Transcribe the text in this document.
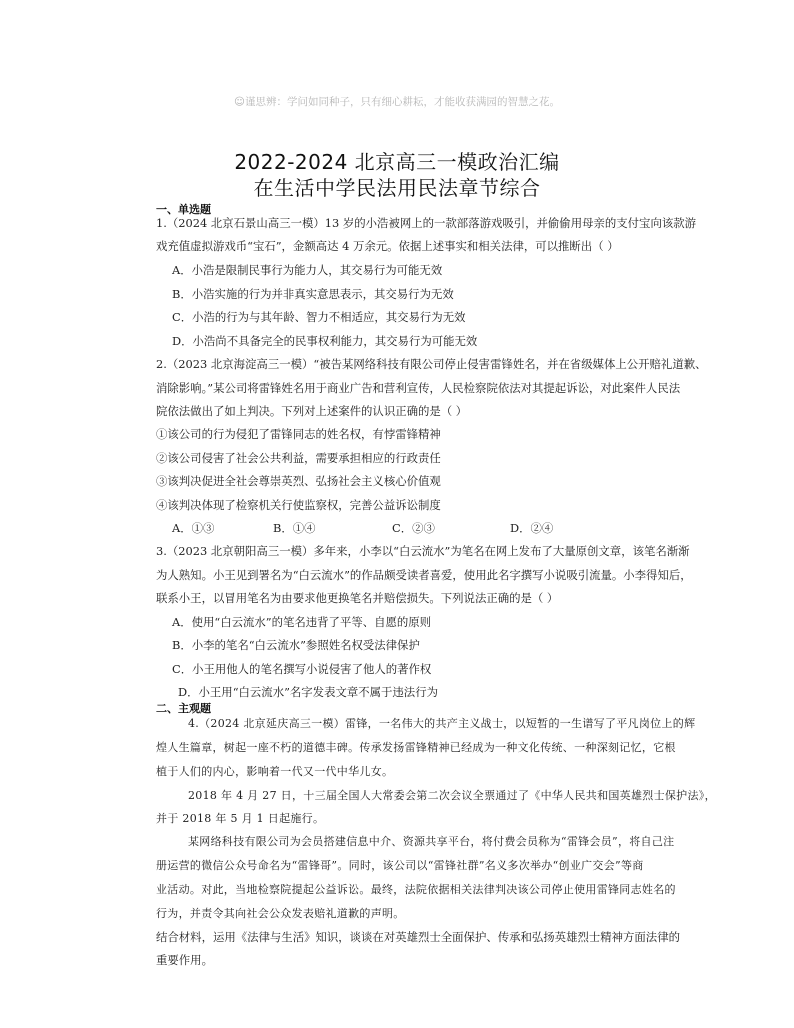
☺谨思辨：学问如同种子，只有细心耕耘，才能收获满园的智慧之花。
2022-2024 北京高三一模政治汇编
在生活中学民法用民法章节综合
一、单选题
1.（2024 北京石景山高三一模）13 岁的小浩被网上的一款部落游戏吸引，并偷偷用母亲的支付宝向该款游
戏充值虚拟游戏币“宝石”，金额高达 4 万余元。依据上述事实和相关法律，可以推断出（ ）
A．小浩是限制民事行为能力人，其交易行为可能无效
B．小浩实施的行为并非真实意思表示，其交易行为无效
C．小浩的行为与其年龄、智力不相适应，其交易行为无效
D．小浩尚不具备完全的民事权利能力，其交易行为可能无效
2.（2023 北京海淀高三一模）“被告某网络科技有限公司停止侵害雷锋姓名，并在省级媒体上公开赔礼道歉、
消除影响。”某公司将雷锋姓名用于商业广告和营利宣传，人民检察院依法对其提起诉讼，对此案件人民法
院依法做出了如上判决。下列对上述案件的认识正确的是（ ）
①该公司的行为侵犯了雷锋同志的姓名权，有悖雷锋精神
②该公司侵害了社会公共利益，需要承担相应的行政责任
③该判决促进全社会尊崇英烈、弘扬社会主义核心价值观
④该判决体现了检察机关行使监察权，完善公益诉讼制度
A．①③	B．①④	C．②③	D．②④
3.（2023 北京朝阳高三一模）多年来，小李以“白云流水”为笔名在网上发布了大量原创文章，该笔名渐渐
为人熟知。小王见到署名为“白云流水”的作品颇受读者喜爱，使用此名字撰写小说吸引流量。小李得知后，
联系小王，以冒用笔名为由要求他更换笔名并赔偿损失。下列说法正确的是（ ）
A．使用“白云流水”的笔名违背了平等、自愿的原则
B．小李的笔名“白云流水”参照姓名权受法律保护
C．小王用他人的笔名撰写小说侵害了他人的著作权
D．小王用“白云流水”名字发表文章不属于违法行为
二、主观题
4.（2024 北京延庆高三一模）雷锋，一名伟大的共产主义战士，以短暂的一生谱写了平凡岗位上的辉
煌人生篇章，树起一座不朽的道德丰碑。传承发扬雷锋精神已经成为一种文化传统、一种深刻记忆，它根
植于人们的内心，影响着一代又一代中华儿女。
2018 年 4 月 27 日，十三届全国人大常委会第二次会议全票通过了《中华人民共和国英雄烈士保护法》，
并于 2018 年 5 月 1 日起施行。
某网络科技有限公司为会员搭建信息中介、资源共享平台，将付费会员称为“雷锋会员”，将自己注
册运营的微信公众号命名为“雷锋哥”。同时，该公司以“雷锋社群”名义多次举办“创业广交会”等商
业活动。对此，当地检察院提起公益诉讼。最终，法院依据相关法律判决该公司停止使用雷锋同志姓名的
行为，并责令其向社会公众发表赔礼道歉的声明。
结合材料，运用《法律与生活》知识，谈谈在对英雄烈士全面保护、传承和弘扬英雄烈士精神方面法律的
重要作用。
